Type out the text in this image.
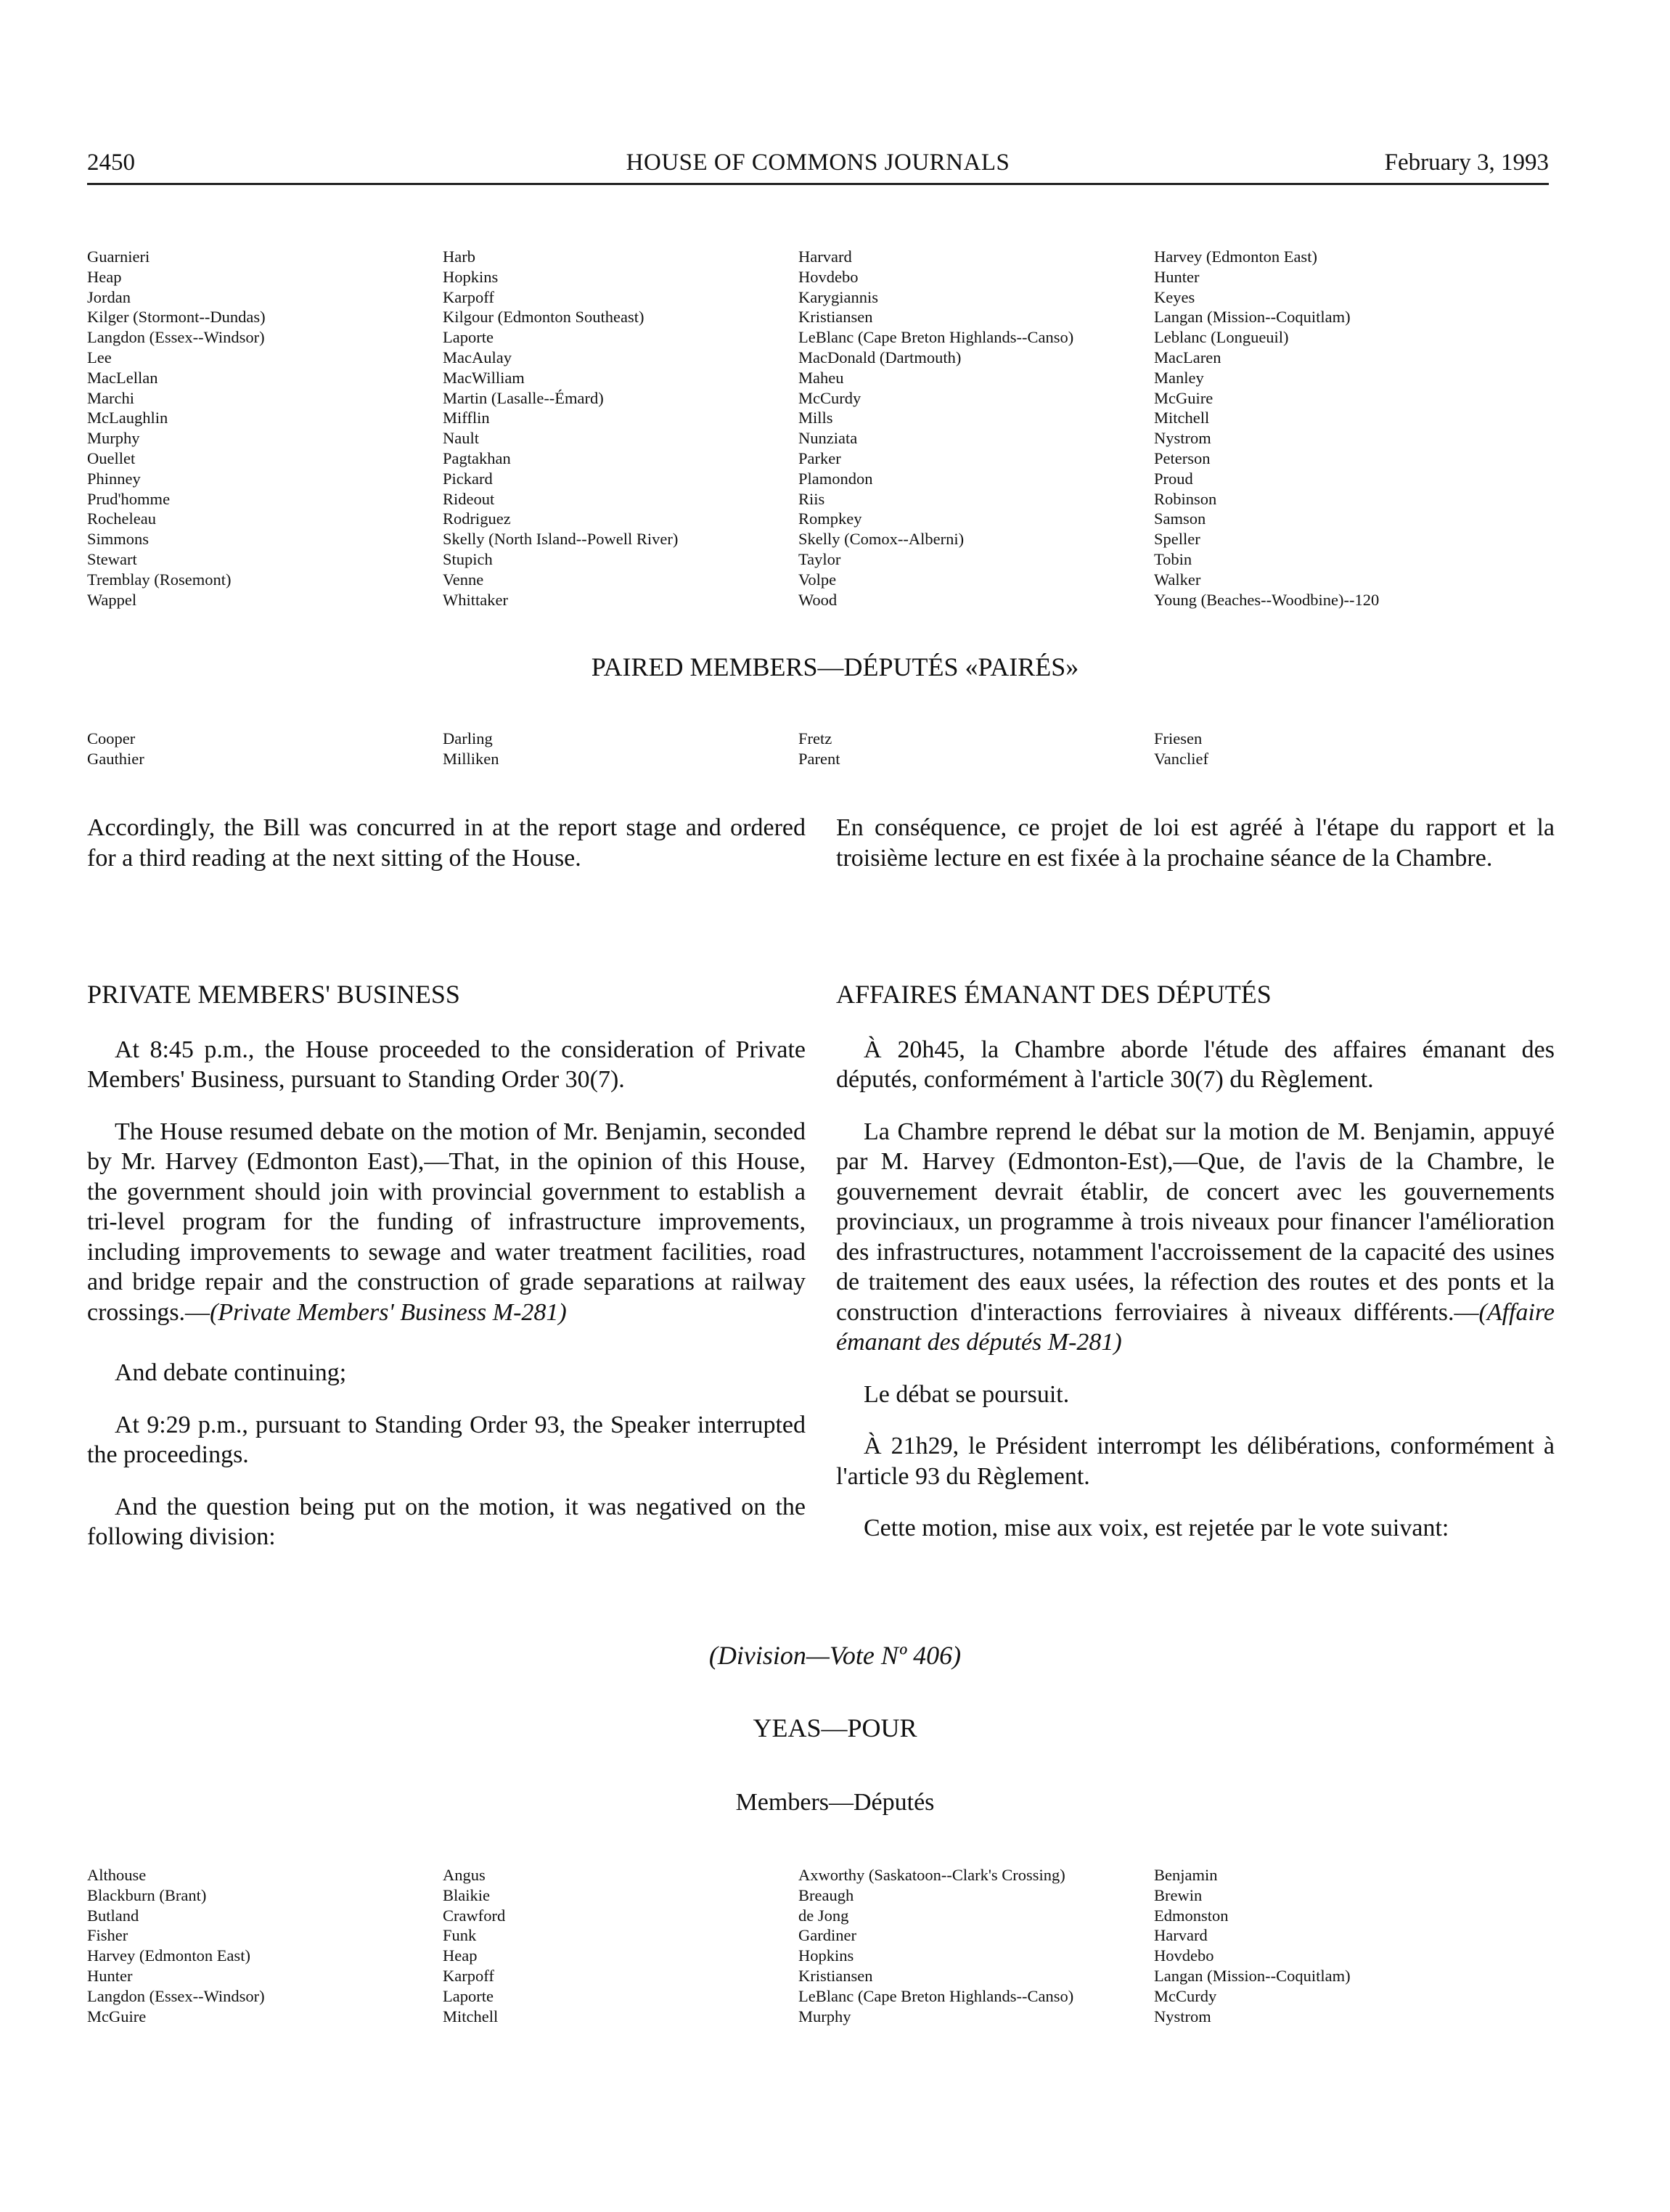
2450	HOUSE OF COMMONS JOURNALS	February 3, 1993
Guarnieri
Heap
Jordan
Kilger (Stormont--Dundas)
Langdon (Essex--Windsor)
Lee
MacLellan
Marchi
McLaughlin
Murphy
Ouellet
Phinney
Prud'homme
Rocheleau
Simmons
Stewart
Tremblay (Rosemont)
Wappel
Harb
Hopkins
Karpoff
Kilgour (Edmonton Southeast)
Laporte
MacAulay
MacWilliam
Martin (Lasalle--Émard)
Mifflin
Nault
Pagtakhan
Pickard
Rideout
Rodriguez
Skelly (North Island--Powell River)
Stupich
Venne
Whittaker
Harvard
Hovdebo
Karygiannis
Kristiansen
LeBlanc (Cape Breton Highlands--Canso)
MacDonald (Dartmouth)
Maheu
McCurdy
Mills
Nunziata
Parker
Plamondon
Riis
Rompkey
Skelly (Comox--Alberni)
Taylor
Volpe
Wood
Harvey (Edmonton East)
Hunter
Keyes
Langan (Mission--Coquitlam)
Leblanc (Longueuil)
MacLaren
Manley
McGuire
Mitchell
Nystrom
Peterson
Proud
Robinson
Samson
Speller
Tobin
Walker
Young (Beaches--Woodbine)--120
PAIRED MEMBERS—DÉPUTÉS «PAIRÉS»
Cooper
Gauthier
Darling
Milliken
Fretz
Parent
Friesen
Vanclief

Accordingly, the Bill was concurred in at the report stage and ordered for a third reading at the next sitting of the House.

En conséquence, ce projet de loi est agréé à l'étape du rapport et la troisième lecture en est fixée à la prochaine séance de la Chambre.

PRIVATE MEMBERS' BUSINESS

At 8:45 p.m., the House proceeded to the consideration of Private Members' Business, pursuant to Standing Order 30(7).

The House resumed debate on the motion of Mr. Benjamin, seconded by Mr. Harvey (Edmonton East),—That, in the opinion of this House, the government should join with provincial government to establish a tri-level program for the funding of infrastructure improvements, including improvements to sewage and water treatment facilities, road and bridge repair and the construction of grade separations at railway crossings.—(Private Members' Business M-281)

And debate continuing;

At 9:29 p.m., pursuant to Standing Order 93, the Speaker interrupted the proceedings.

And the question being put on the motion, it was negatived on the following division:

AFFAIRES ÉMANANT DES DÉPUTÉS

À 20h45, la Chambre aborde l'étude des affaires émanant des députés, conformément à l'article 30(7) du Règlement.

La Chambre reprend le débat sur la motion de M. Benjamin, appuyé par M. Harvey (Edmonton-Est),—Que, de l'avis de la Chambre, le gouvernement devrait établir, de concert avec les gouvernements provinciaux, un programme à trois niveaux pour financer l'amélioration des infrastructures, notamment l'accroissement de la capacité des usines de traitement des eaux usées, la réfection des routes et des ponts et la construction d'interactions ferroviaires à niveaux différents.—(Affaire émanant des députés M-281)

Le débat se poursuit.

À 21h29, le Président interrompt les délibérations, conformément à l'article 93 du Règlement.

Cette motion, mise aux voix, est rejetée par le vote suivant:

(Division—Vote Nº 406)
YEAS—POUR
Members—Députés
Althouse
Blackburn (Brant)
Butland
Fisher
Harvey (Edmonton East)
Hunter
Langdon (Essex--Windsor)
McGuire
Angus
Blaikie
Crawford
Funk
Heap
Karpoff
Laporte
Mitchell
Axworthy (Saskatoon--Clark's Crossing)
Breaugh
de Jong
Gardiner
Hopkins
Kristiansen
LeBlanc (Cape Breton Highlands--Canso)
Murphy
Benjamin
Brewin
Edmonston
Harvard
Hovdebo
Langan (Mission--Coquitlam)
McCurdy
Nystrom
